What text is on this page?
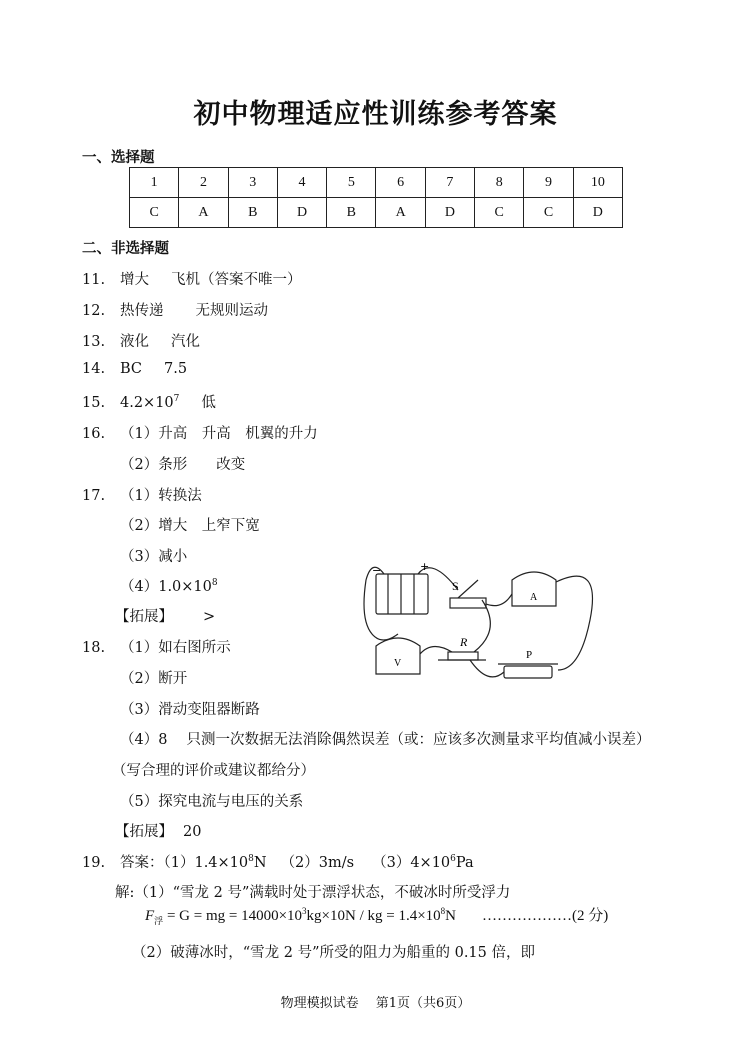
初中物理适应性训练参考答案
一、选择题
1	2	3	4	5	6	7	8	9	10
C	A	B	D	B	A	D	C	C	D
二、非选择题
11. 增大 飞机（答案不唯一）
12. 热传递 无规则运动
13. 液化 汽化
14. BC 7.5
15. $4.2\times 10^7$ 低
16. （1）升高　升高　机翼的升力
（2）条形　　改变
17. （1）转换法
（2）增大　上窄下宽
（3）减小
$(4)1.0\times 10^8$
【拓展】 >
18. （1）如右图所示
（2）断开
（3）滑动变阻器断路
（4）8　 只测一次数据无法消除偶然误差（或：应该多次测量求平均值减小误差）
（写合理的评价或建议都给分）
（5）探究电流与电压的关系
【拓展】 20
−	+
S
A
R
V
P
19. 答案：$(1)1.4\times 10^8N$ （2）3m/s $(3)4\times 10^6Pa$
解:（1）“雪龙 2 号”满载时处于漂浮状态，不破冰时所受浮力
$F_浮 = G$ = mg = $14000\times 10^3kg\times 10N$ / kg = $1.4\times 10^8N$ ………………(2 分)
（2）破薄冰时，“雪龙 2 号”所受的阻力为船重的 0.15 倍，即
物理模拟试卷　 第1页（共6页）
